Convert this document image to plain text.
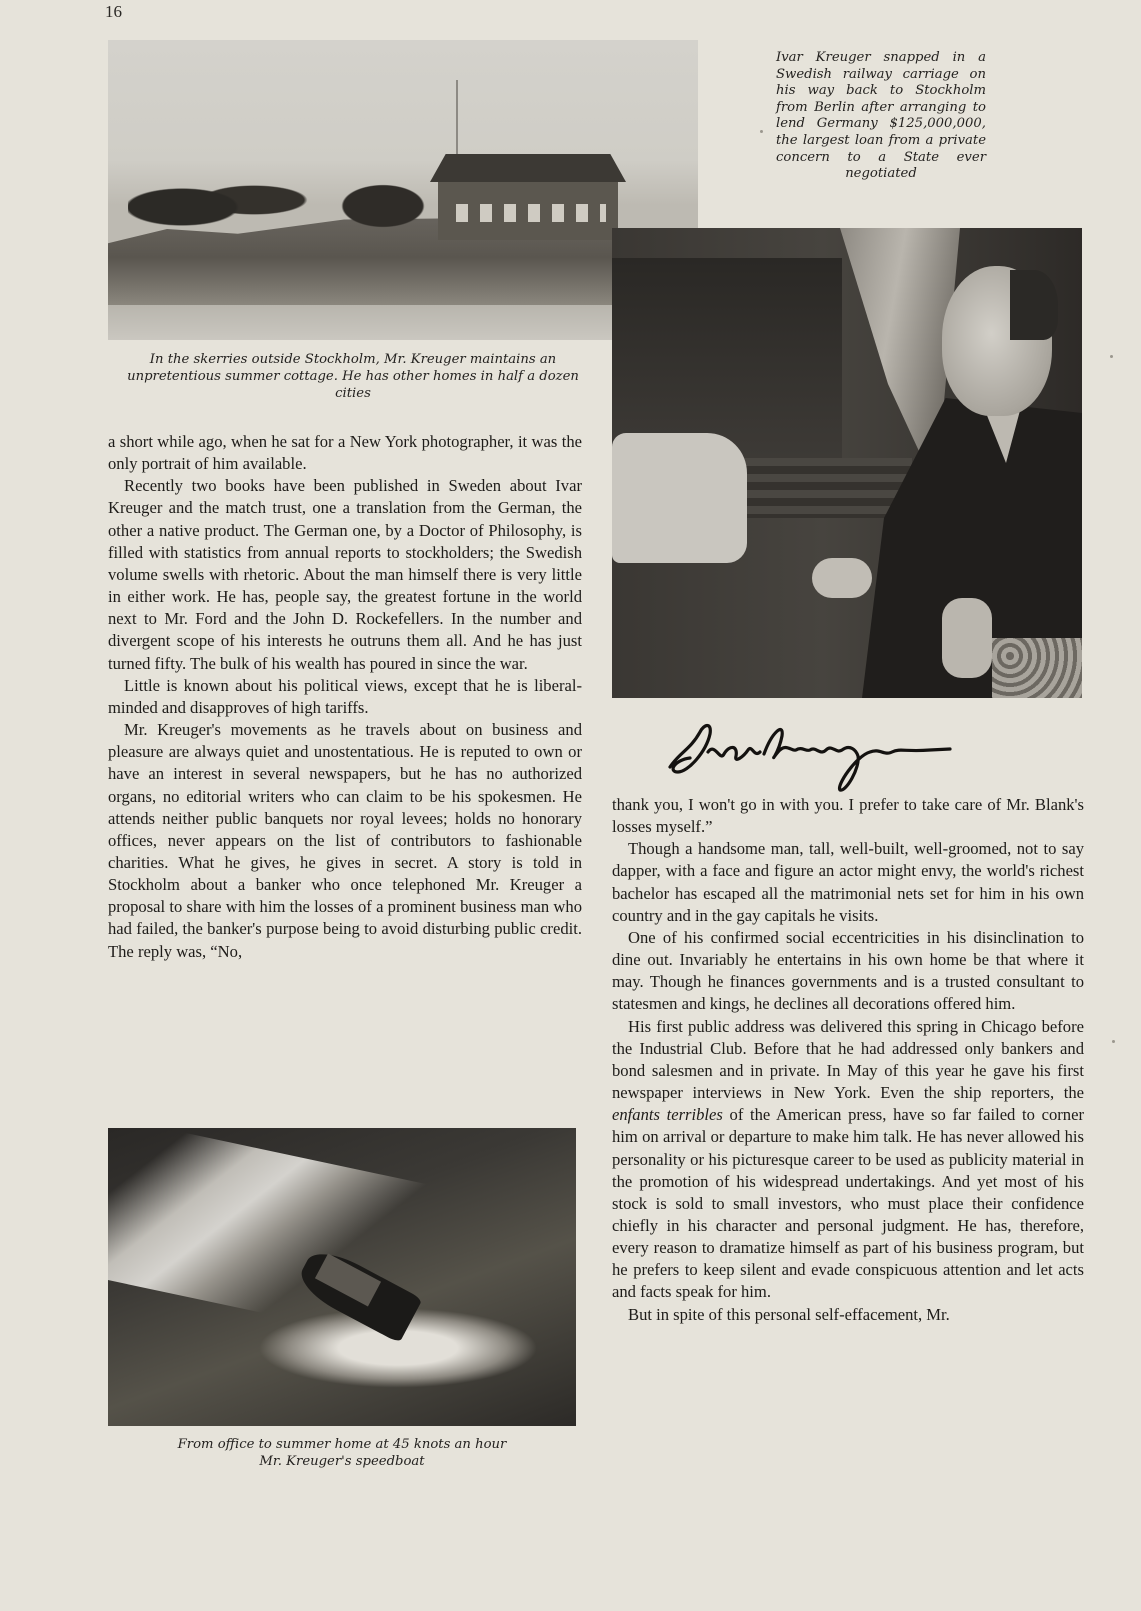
16
Ivar Kreuger snapped in a Swedish railway carriage on his way back to Stockholm from Berlin after arranging to lend Germany $125,000,000, the largest loan from a private concern to a State ever negotiated
In the skerries outside Stockholm, Mr. Kreuger maintains an unpretentious summer cottage. He has other homes in half a dozen cities

a short while ago, when he sat for a New York photographer, it was the only portrait of him available.

Recently two books have been published in Sweden about Ivar Kreuger and the match trust, one a translation from the German, the other a native product. The German one, by a Doctor of Philosophy, is filled with statistics from annual reports to stockholders; the Swedish volume swells with rhetoric. About the man himself there is very little in either work. He has, people say, the greatest fortune in the world next to Mr. Ford and the John D. Rockefellers. In the number and divergent scope of his interests he outruns them all. And he has just turned fifty. The bulk of his wealth has poured in since the war.

Little is known about his political views, except that he is liberal-minded and disapproves of high tariffs.

Mr. Kreuger's movements as he travels about on business and pleasure are always quiet and unostentatious. He is reputed to own or have an interest in several newspapers, but he has no authorized organs, no editorial writers who can claim to be his spokesmen. He attends neither public banquets nor royal levees; holds no honorary offices, never appears on the list of contributors to fashionable charities. What he gives, he gives in secret. A story is told in Stockholm about a banker who once telephoned Mr. Kreuger a proposal to share with him the losses of a prominent business man who had failed, the banker's purpose being to avoid disturbing public credit. The reply was, “No,

From office to summer home at 45 knots an hour
Mr. Kreuger's speedboat

thank you, I won't go in with you. I prefer to take care of Mr. Blank's losses myself.”

Though a handsome man, tall, well-built, well-groomed, not to say dapper, with a face and figure an actor might envy, the world's richest bachelor has escaped all the matrimonial nets set for him in his own country and in the gay capitals he visits.

One of his confirmed social eccentricities in his disinclination to dine out. Invariably he entertains in his own home be that where it may. Though he finances governments and is a trusted consultant to statesmen and kings, he declines all decorations offered him.

His first public address was delivered this spring in Chicago before the Industrial Club. Before that he had addressed only bankers and bond salesmen and in private. In May of this year he gave his first newspaper interviews in New York. Even the ship reporters, the enfants terribles of the American press, have so far failed to corner him on arrival or departure to make him talk. He has never allowed his personality or his picturesque career to be used as publicity material in the promotion of his widespread undertakings. And yet most of his stock is sold to small investors, who must place their confidence chiefly in his character and personal judgment. He has, therefore, every reason to dramatize himself as part of his business program, but he prefers to keep silent and evade conspicuous attention and let acts and facts speak for him.

But in spite of this personal self-effacement, Mr.
